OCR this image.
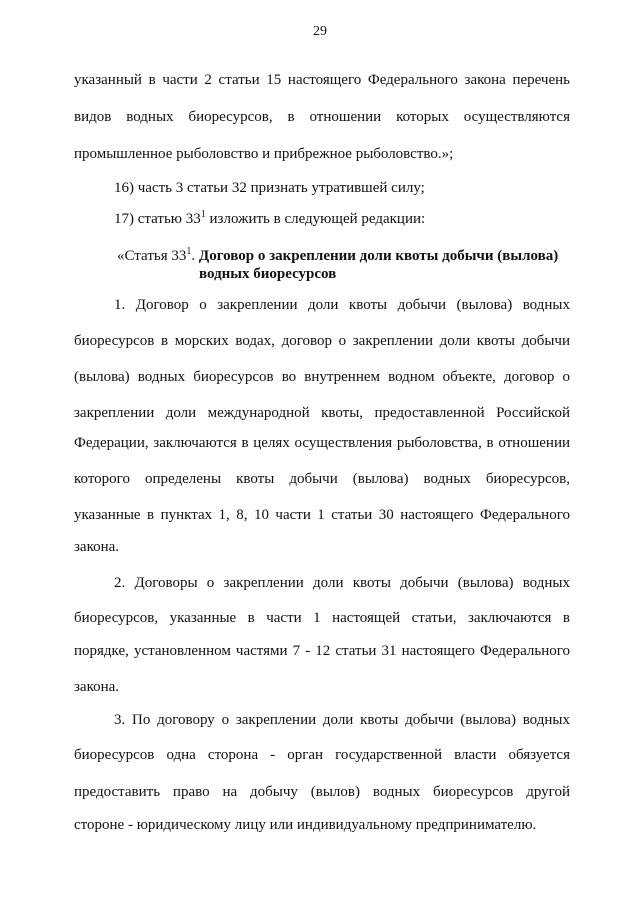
29
указанный в части 2 статьи 15 настоящего Федерального закона перечень
видов водных биоресурсов, в отношении которых осуществляются
промышленное рыболовство и прибрежное рыболовство.»;
16) часть 3 статьи 32 признать утратившей силу;
17) статью $33^1$ изложить в следующей редакции:
«Статья $33^1$. Договор о закреплении доли квоты добычи (вылова)
водных биоресурсов
1. Договор о закреплении доли квоты добычи (вылова) водных
биоресурсов в морских водах, договор о закреплении доли квоты добычи
(вылова) водных биоресурсов во внутреннем водном объекте, договор о
закреплении доли международной квоты, предоставленной Российской
Федерации, заключаются в целях осуществления рыболовства, в отношении
которого определены квоты добычи (вылова) водных биоресурсов,
указанные в пунктах 1, 8, 10 части 1 статьи 30 настоящего Федерального
закона.
2. Договоры о закреплении доли квоты добычи (вылова) водных
биоресурсов, указанные в части 1 настоящей статьи, заключаются в
порядке, установленном частями 7 - 12 статьи 31 настоящего Федерального
закона.
3. По договору о закреплении доли квоты добычи (вылова) водных
биоресурсов одна сторона - орган государственной власти обязуется
предоставить право на добычу (вылов) водных биоресурсов другой
стороне - юридическому лицу или индивидуальному предпринимателю.
